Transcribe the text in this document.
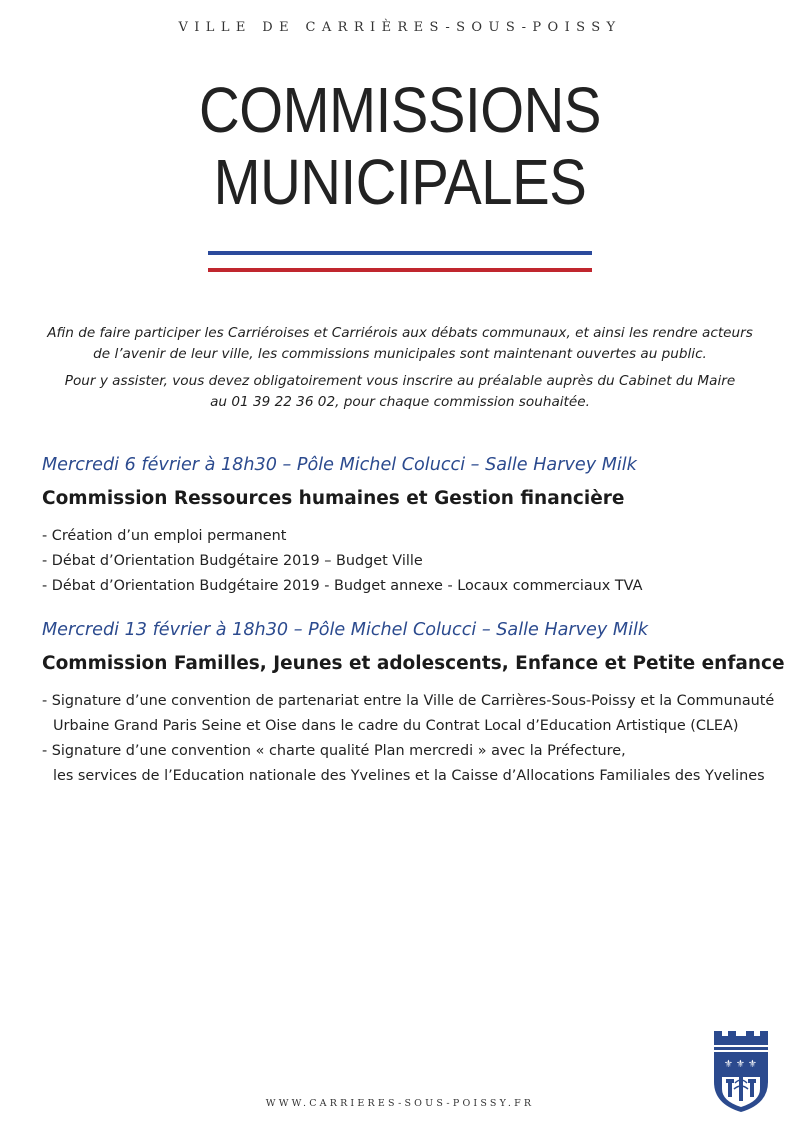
VILLE DE CARRIÈRES-SOUS-POISSY
COMMISSIONS
MUNICIPALES

Afin de faire participer les Carriéroises et Carriérois aux débats communaux, et ainsi les rendre acteurs
de l’avenir de leur ville, les commissions municipales sont maintenant ouvertes au public.

Pour y assister, vous devez obligatoirement vous inscrire au préalable auprès du Cabinet du Maire
au 01 39 22 36 02, pour chaque commission souhaitée.

Mercredi 6 février à 18h30 – Pôle Michel Colucci – Salle Harvey Milk
Commission Ressources humaines et Gestion financière
- Création d’un emploi permanent
- Débat d’Orientation Budgétaire 2019 – Budget Ville
- Débat d’Orientation Budgétaire 2019 - Budget annexe - Locaux commerciaux TVA
Mercredi 13 février à 18h30 – Pôle Michel Colucci – Salle Harvey Milk
Commission Familles, Jeunes et adolescents, Enfance et Petite enfance
- Signature d’une convention de partenariat entre la Ville de Carrières-Sous-Poissy et la Communauté
Urbaine Grand Paris Seine et Oise dans le cadre du Contrat Local d’Education Artistique (CLEA)
- Signature d’une convention « charte qualité Plan mercredi » avec la Préfecture,
les services de l’Education nationale des Yvelines et la Caisse d’Allocations Familiales des Yvelines
⚜ ⚜ ⚜
WWW.CARRIERES-SOUS-POISSY.FR
